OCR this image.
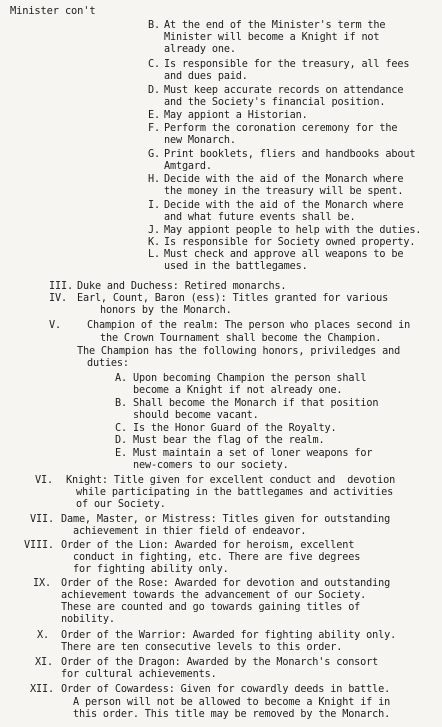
Minister con't
B. At the end of the Minister's term the
Minister will become a Knight if not
already one.
C. Is responsible for the treasury, all fees
and dues paid.
D. Must keep accurate records on attendance
and the Society's financial position.
E. May appiont a Historian.
F. Perform the coronation ceremony for the
new Monarch.
G. Print booklets, fliers and handbooks about
Amtgard.
H. Decide with the aid of the Monarch where
the money in the treasury will be spent.
I. Decide with the aid of the Monarch where
and what future events shall be.
J. May appiont people to help with the duties.
K. Is responsible for Society owned property.
L. Must check and approve all weapons to be
used in the battlegames.
III. Duke and Duchess: Retired monarchs.
IV. Earl, Count, Baron (ess): Titles granted for various
honors by the Monarch.
V.	Champion of the realm: The person who places second in
the Crown Tournament shall become the Champion.
The Champion has the following honors, priviledges and
duties:
A. Upon becoming Champion the person shall
become a Knight if not already one.
B. Shall become the Monarch if that position
should become vacant.
C. Is the Honor Guard of the Royalty.
D. Must bear the flag of the realm.
E. Must maintain a set of loner weapons for
new-comers to our society.
VI. Knight: Title given for excellent conduct and  devotion
while participating in the battlegames and activities
of our Society.
VII. Dame, Master, or Mistress: Titles given for outstanding
achievement in thier field of endeavor.
VIII. Order of the Lion: Awarded for heroism, excellent
conduct in fighting, etc. There are five degrees
for fighting ability only.
IX. Order of the Rose: Awarded for devotion and outstanding
achievement towards the advancement of our Society.
These are counted and go towards gaining titles of
nobility.
X. Order of the Warrior: Awarded for fighting ability only.
There are ten consecutive levels to this order.
XI. Order of the Dragon: Awarded by the Monarch's consort
for cultural achievements.
XII. Order of Cowardess: Given for cowardly deeds in battle.
A person will not be allowed to become a Knight if in
this order. This title may be removed by the Monarch.
